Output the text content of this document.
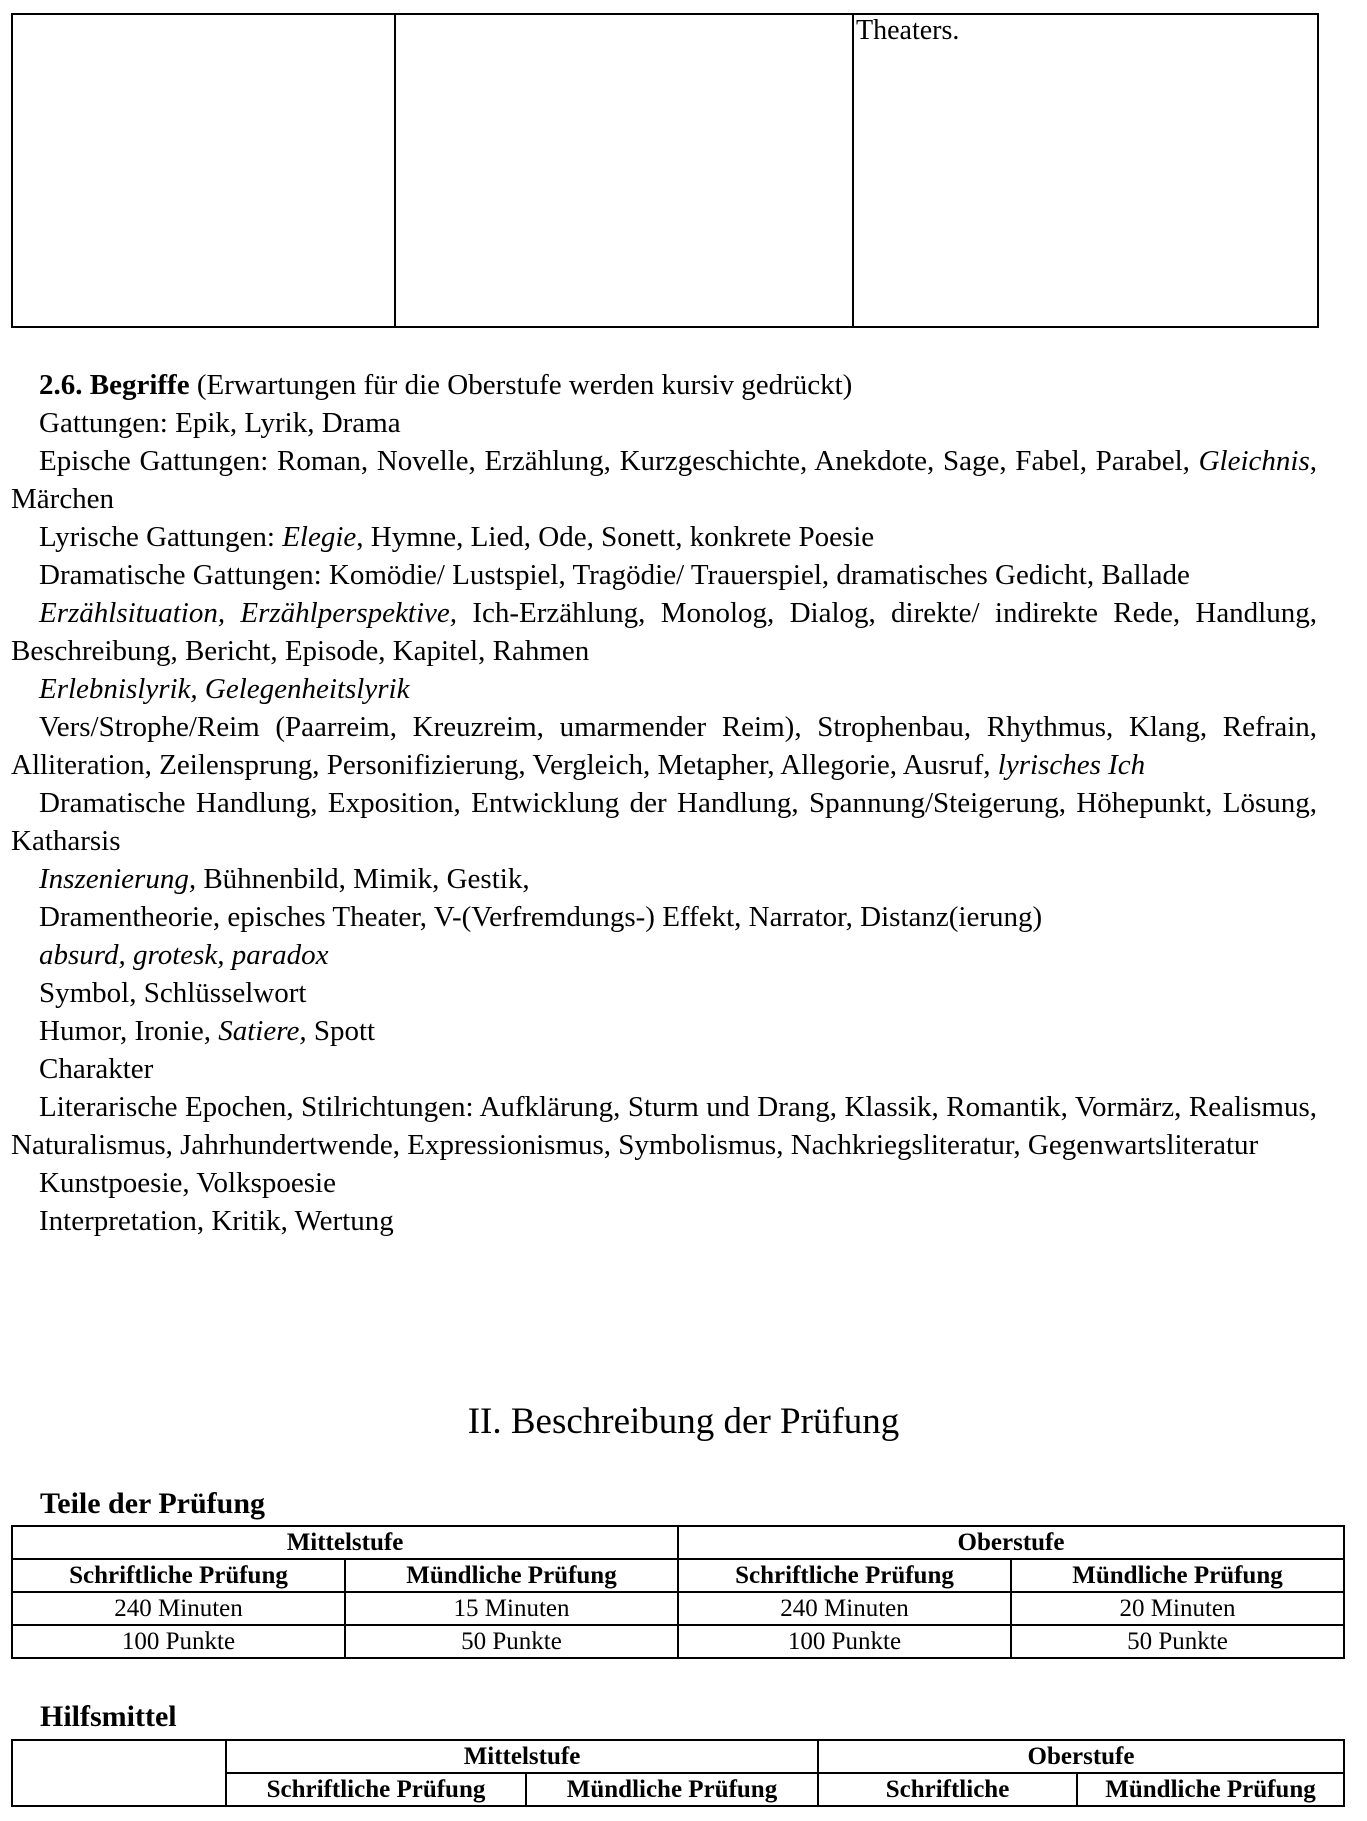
		Theaters.

2.6. Begriffe (Erwartungen für die Oberstufe werden kursiv gedrückt)

Gattungen: Epik, Lyrik, Drama

Epische Gattungen: Roman, Novelle, Erzählung, Kurzgeschichte, Anekdote, Sage, Fabel, Parabel, Gleichnis, Märchen

Lyrische Gattungen: Elegie, Hymne, Lied, Ode, Sonett, konkrete Poesie

Dramatische Gattungen: Komödie/ Lustspiel, Tragödie/ Trauerspiel, dramatisches Gedicht, Ballade

Erzählsituation, Erzählperspektive, Ich-Erzählung, Monolog, Dialog, direkte/ indirekte Rede, Handlung, Beschreibung, Bericht, Episode, Kapitel, Rahmen

Erlebnislyrik, Gelegenheitslyrik

Vers/Strophe/Reim (Paarreim, Kreuzreim, umarmender Reim), Strophenbau, Rhythmus, Klang, Refrain, Alliteration, Zeilensprung, Personifizierung, Vergleich, Metapher, Allegorie, Ausruf, lyrisches Ich

Dramatische Handlung, Exposition, Entwicklung der Handlung, Spannung/Steigerung, Höhepunkt, Lösung, Katharsis

Inszenierung, Bühnenbild, Mimik, Gestik,

Dramentheorie, episches Theater, V-(Verfremdungs-) Effekt, Narrator, Distanz(ierung)

absurd, grotesk, paradox

Symbol, Schlüsselwort

Humor, Ironie, Satiere, Spott

Charakter

Literarische Epochen, Stilrichtungen: Aufklärung, Sturm und Drang, Klassik, Romantik, Vormärz, Realismus, Naturalismus, Jahrhundertwende, Expressionismus, Symbolismus, Nachkriegsliteratur, Gegenwartsliteratur

Kunstpoesie, Volkspoesie

Interpretation, Kritik, Wertung

II. Beschreibung der Prüfung
Teile der Prüfung
Mittelstufe		Oberstufe	
Schriftliche Prüfung	Mündliche Prüfung	Schriftliche Prüfung	Mündliche Prüfung
240 Minuten	15 Minuten	240 Minuten	20 Minuten
100 Punkte	50 Punkte	100 Punkte	50 Punkte
Hilfsmittel
	Mittelstufe		Oberstufe	
	Schriftliche Prüfung	Mündliche Prüfung	Schriftliche	Mündliche Prüfung
